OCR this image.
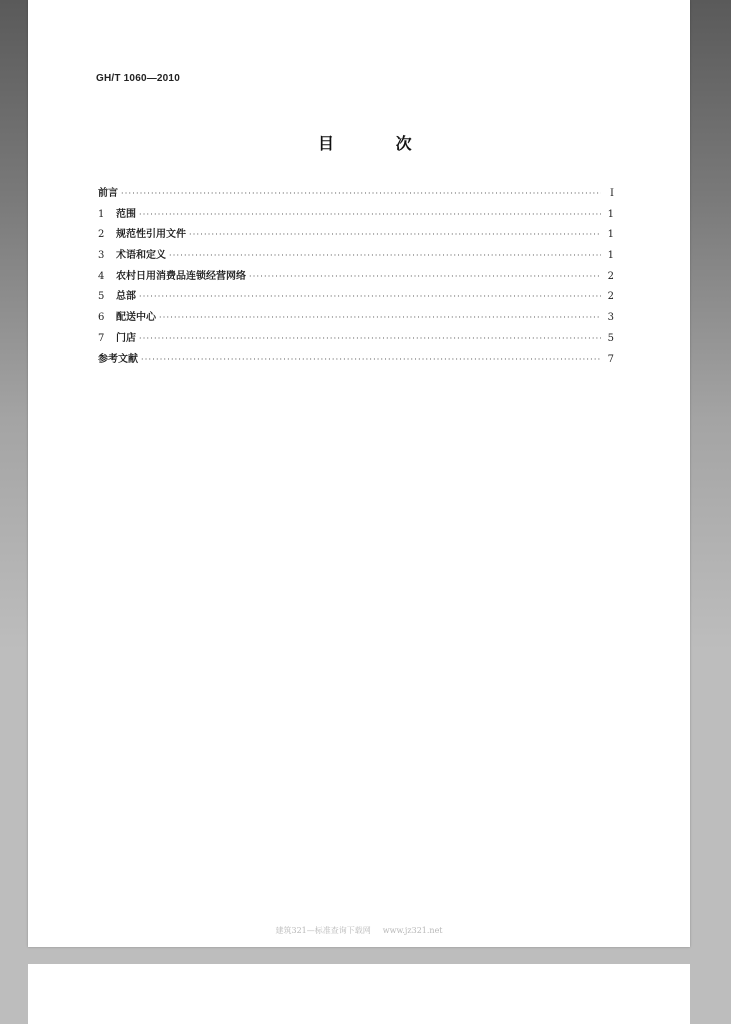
GH/T 1060—2010
目 次
前言 ·····	Ⅰ
1	范围 ·····	1
2	规范性引用文件 ·····	1
3	术语和定义 ·····	1
4	农村日用消费品连锁经营网络 ·····	2
5	总部 ·····	2
6	配送中心 ·····	3
7	门店 ·····	5
参考文献 ·····	7
建筑321—标准查询下载网 www.jz321.net
